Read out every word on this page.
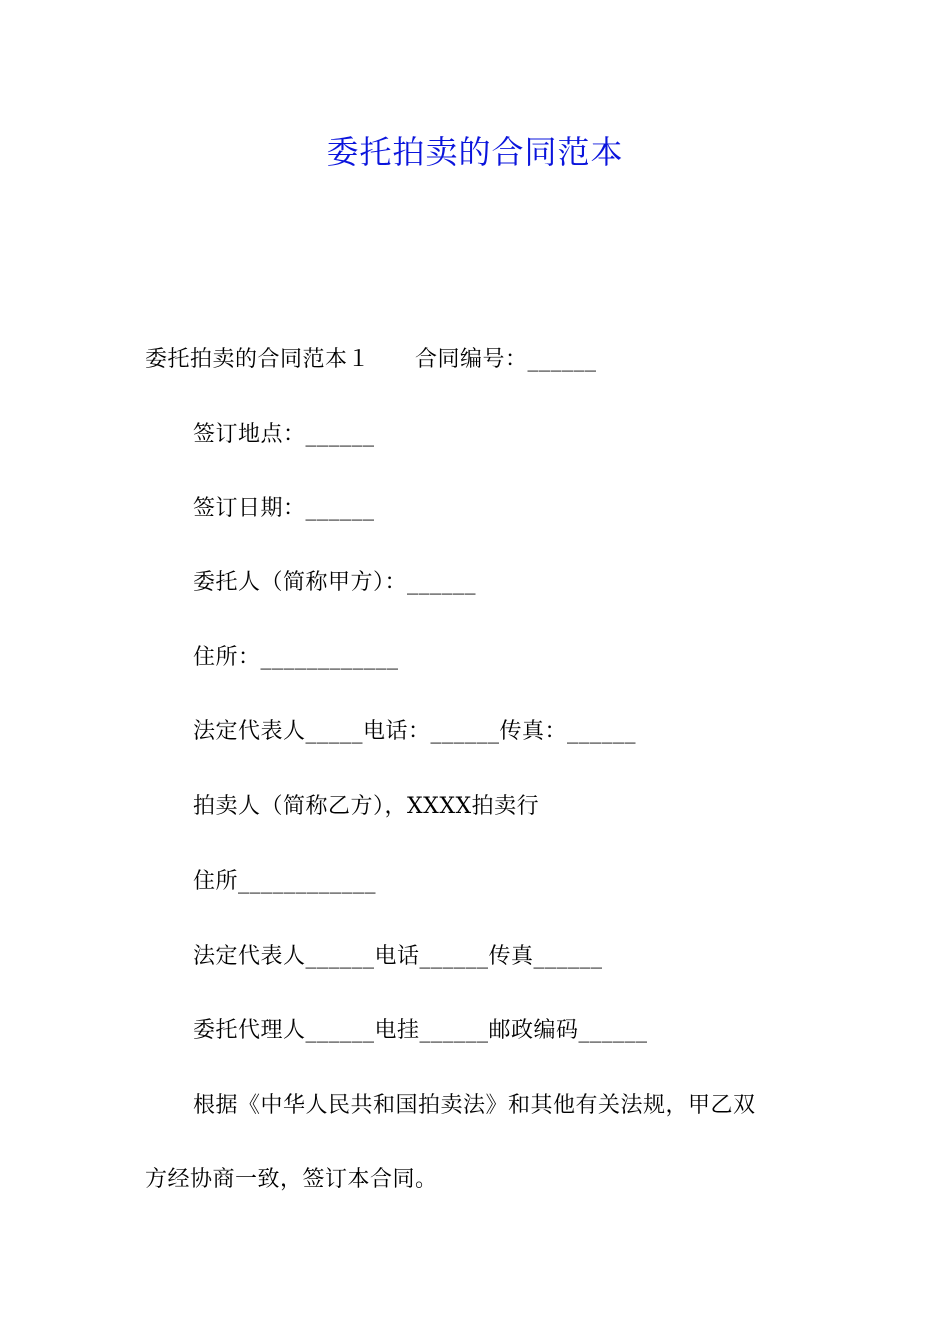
委托拍卖的合同范本
委托拍卖的合同范本１　　合同编号：______
签订地点：______
签订日期：______
委托人（简称甲方）：______
住所：____________
法定代表人_____电话：______传真：______
拍卖人（简称乙方），XXXX拍卖行
住所____________
法定代表人______电话______传真______
委托代理人______电挂______邮政编码______
根据《中华人民共和国拍卖法》和其他有关法规，甲乙双
方经协商一致，签订本合同。
